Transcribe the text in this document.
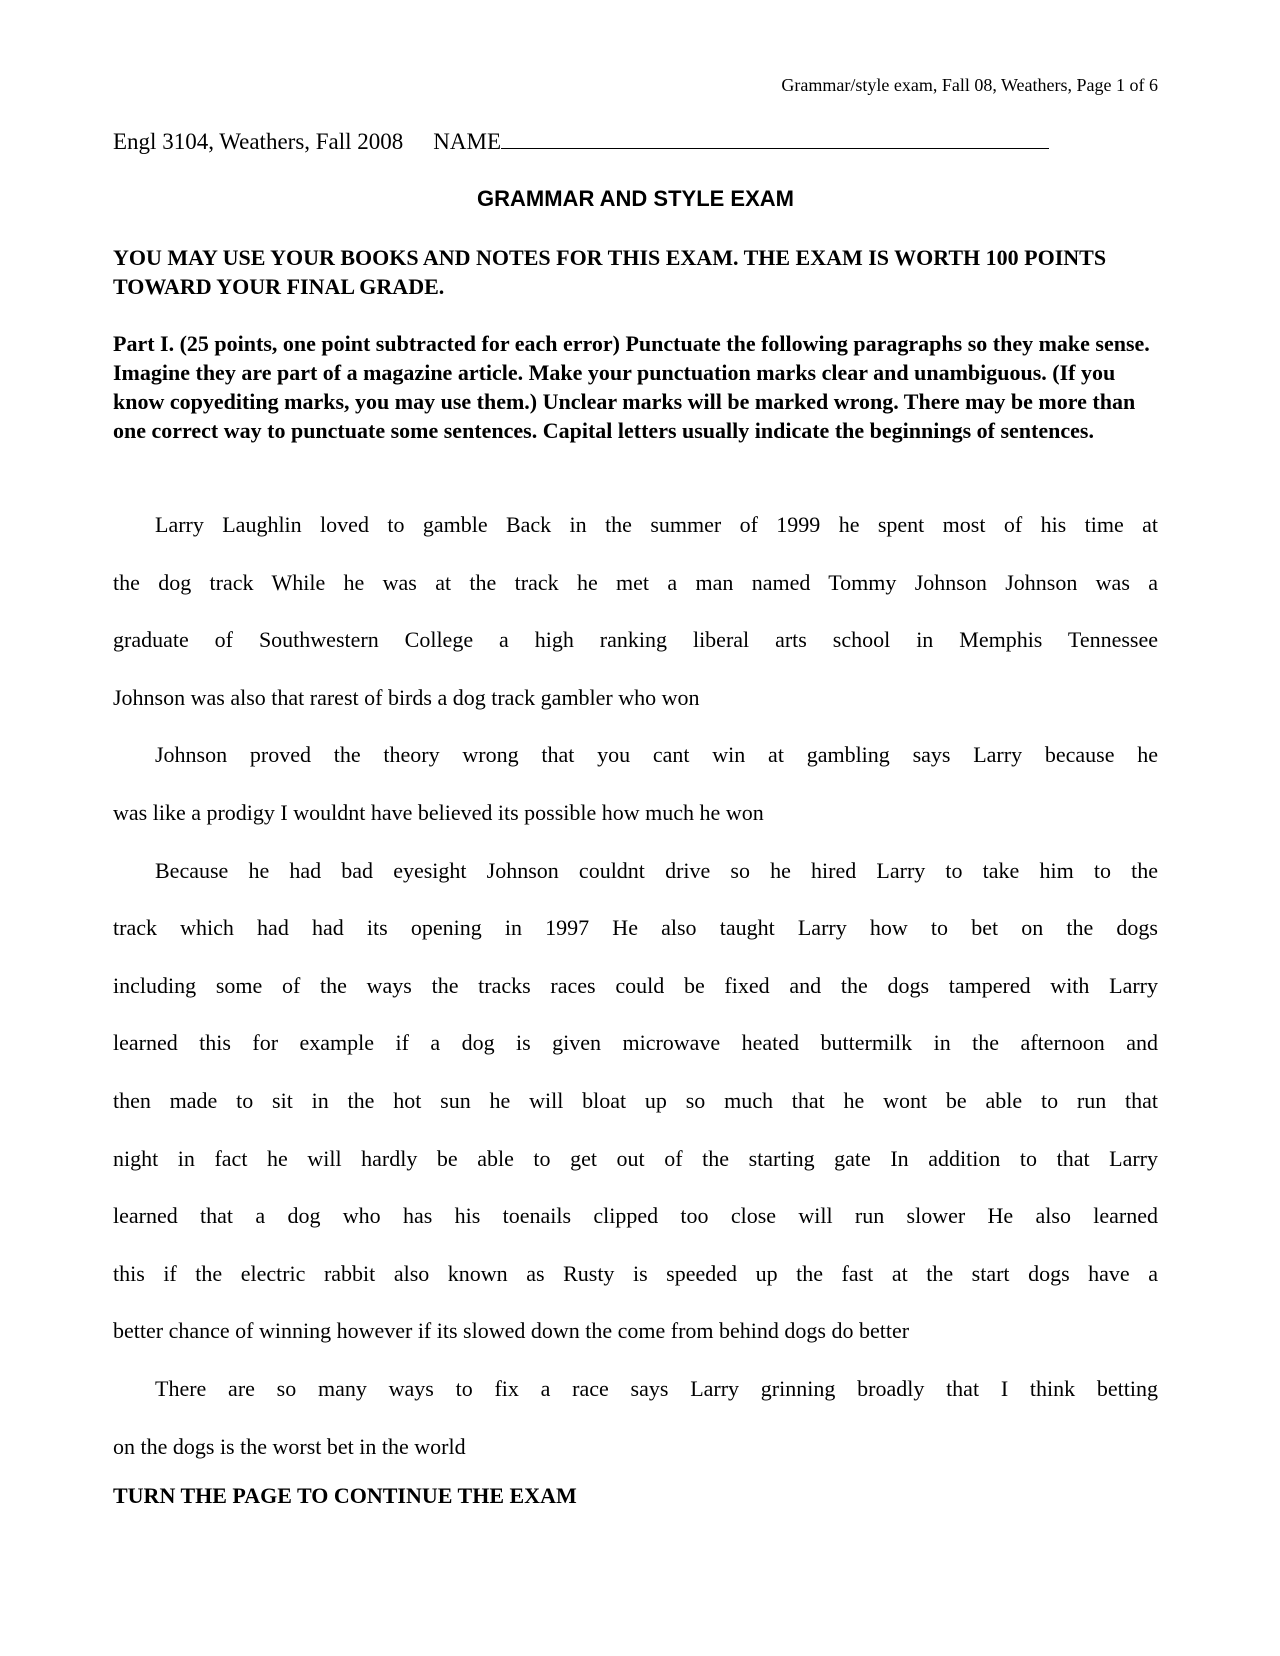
Grammar/style exam, Fall 08, Weathers, Page 1 of 6
Engl 3104, Weathers, Fall 2008 NAME
GRAMMAR AND STYLE EXAM
YOU MAY USE YOUR BOOKS AND NOTES FOR THIS EXAM. THE EXAM IS WORTH 100 POINTS TOWARD YOUR FINAL GRADE.
Part I. (25 points, one point subtracted for each error) Punctuate the following paragraphs so they make sense. Imagine they are part of a magazine article. Make your punctuation marks clear and unambiguous. (If you know copyediting marks, you may use them.) Unclear marks will be marked wrong. There may be more than one correct way to punctuate some sentences. Capital letters usually indicate the beginnings of sentences.
Larry Laughlin loved to gamble Back in the summer of 1999 he spent most of his time at
the dog track While he was at the track he met a man named Tommy Johnson Johnson was a
graduate of Southwestern College a high ranking liberal arts school in Memphis Tennessee
Johnson was also that rarest of birds a dog track gambler who won
Johnson proved the theory wrong that you cant win at gambling says Larry because he
was like a prodigy I wouldnt have believed its possible how much he won
Because he had bad eyesight Johnson couldnt drive so he hired Larry to take him to the
track which had had its opening in 1997 He also taught Larry how to bet on the dogs
including some of the ways the tracks races could be fixed and the dogs tampered with Larry
learned this for example if a dog is given microwave heated buttermilk in the afternoon and
then made to sit in the hot sun he will bloat up so much that he wont be able to run that
night in fact he will hardly be able to get out of the starting gate In addition to that Larry
learned that a dog who has his toenails clipped too close will run slower He also learned
this if the electric rabbit also known as Rusty is speeded up the fast at the start dogs have a
better chance of winning however if its slowed down the come from behind dogs do better
There are so many ways to fix a race says Larry grinning broadly that I think betting
on the dogs is the worst bet in the world
TURN THE PAGE TO CONTINUE THE EXAM
